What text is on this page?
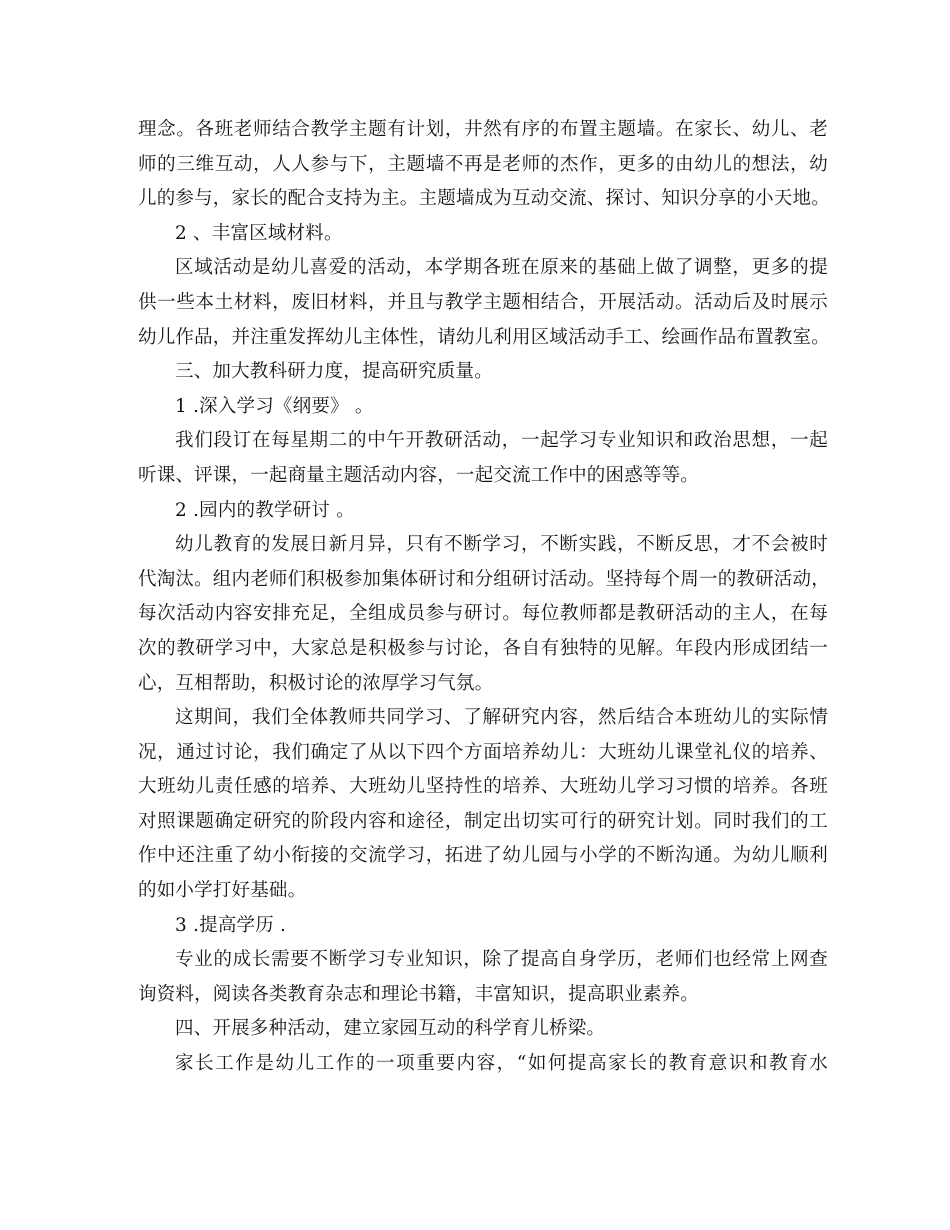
理念。各班老师结合教学主题有计划，井然有序的布置主题墙。在家长、幼儿、老
师的三维互动，人人参与下，主题墙不再是老师的杰作，更多的由幼儿的想法，幼
儿的参与，家长的配合支持为主。主题墙成为互动交流、探讨、知识分享的小天地。
2 、丰富区域材料。
区域活动是幼儿喜爱的活动，本学期各班在原来的基础上做了调整，更多的提
供一些本土材料，废旧材料，并且与教学主题相结合，开展活动。活动后及时展示
幼儿作品，并注重发挥幼儿主体性，请幼儿利用区域活动手工、绘画作品布置教室。
三、加大教科研力度，提高研究质量。
1 .深入学习《纲要》 。
我们段订在每星期二的中午开教研活动，一起学习专业知识和政治思想，一起
听课、评课，一起商量主题活动内容，一起交流工作中的困惑等等。
2 .园内的教学研讨 。
幼儿教育的发展日新月异，只有不断学习，不断实践，不断反思，才不会被时
代淘汰。组内老师们积极参加集体研讨和分组研讨活动。坚持每个周一的教研活动，
每次活动内容安排充足，全组成员参与研讨。每位教师都是教研活动的主人，在每
次的教研学习中，大家总是积极参与讨论，各自有独特的见解。年段内形成团结一
心，互相帮助，积极讨论的浓厚学习气氛。
这期间，我们全体教师共同学习、了解研究内容，然后结合本班幼儿的实际情
况，通过讨论，我们确定了从以下四个方面培养幼儿：大班幼儿课堂礼仪的培养、
大班幼儿责任感的培养、大班幼儿坚持性的培养、大班幼儿学习习惯的培养。各班
对照课题确定研究的阶段内容和途径，制定出切实可行的研究计划。同时我们的工
作中还注重了幼小衔接的交流学习，拓进了幼儿园与小学的不断沟通。为幼儿顺利
的如小学打好基础。
3 .提高学历 .
专业的成长需要不断学习专业知识，除了提高自身学历，老师们也经常上网查
询资料，阅读各类教育杂志和理论书籍，丰富知识，提高职业素养。
四、开展多种活动，建立家园互动的科学育儿桥梁。
家长工作是幼儿工作的一项重要内容，“如何提高家长的教育意识和教育水
